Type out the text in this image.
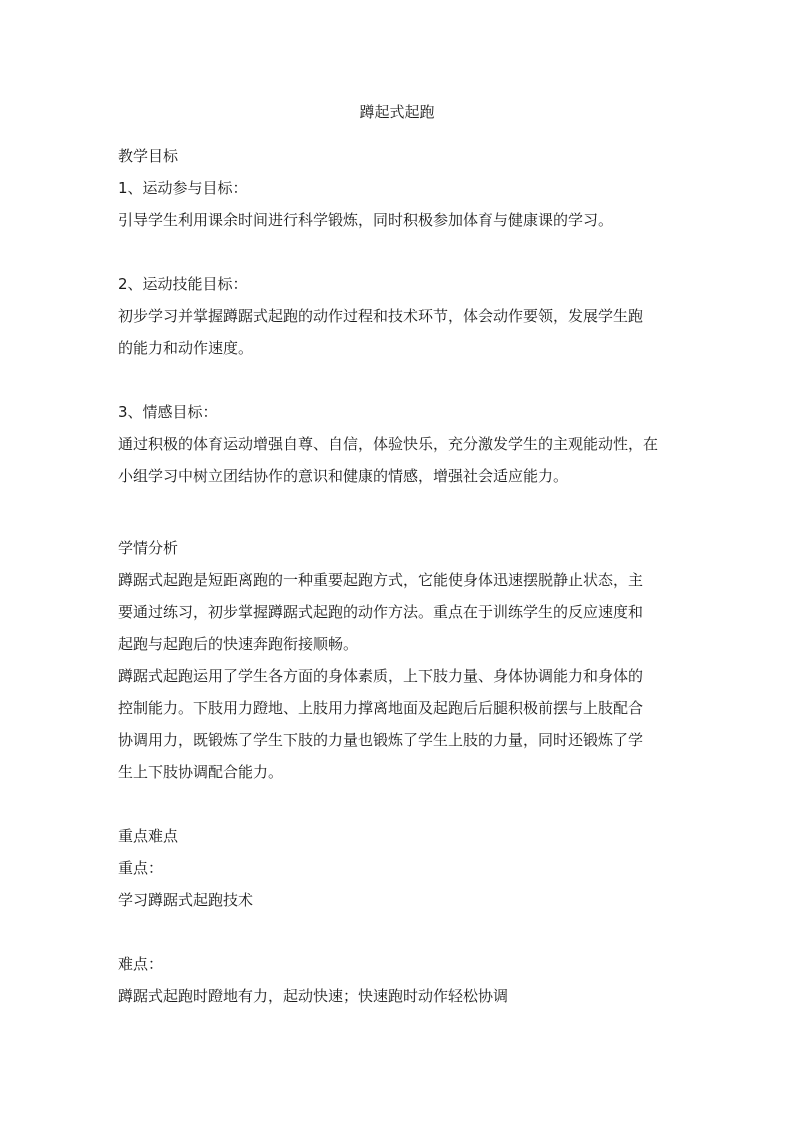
蹲起式起跑

教学目标

1、运动参与目标：

引导学生利用课余时间进行科学锻炼，同时积极参加体育与健康课的学习。

2、运动技能目标：

初步学习并掌握蹲踞式起跑的动作过程和技术环节，体会动作要领，发展学生跑

的能力和动作速度。

3、情感目标：

通过积极的体育运动增强自尊、自信，体验快乐，充分激发学生的主观能动性，在

小组学习中树立团结协作的意识和健康的情感，增强社会适应能力。

学情分析

蹲踞式起跑是短距离跑的一种重要起跑方式，它能使身体迅速摆脱静止状态，主

要通过练习，初步掌握蹲踞式起跑的动作方法。重点在于训练学生的反应速度和

起跑与起跑后的快速奔跑衔接顺畅。

蹲踞式起跑运用了学生各方面的身体素质，上下肢力量、身体协调能力和身体的

控制能力。下肢用力蹬地、上肢用力撑离地面及起跑后后腿积极前摆与上肢配合

协调用力，既锻炼了学生下肢的力量也锻炼了学生上肢的力量，同时还锻炼了学

生上下肢协调配合能力。

重点难点

重点：

学习蹲踞式起跑技术

难点：

蹲踞式起跑时蹬地有力，起动快速；快速跑时动作轻松协调
